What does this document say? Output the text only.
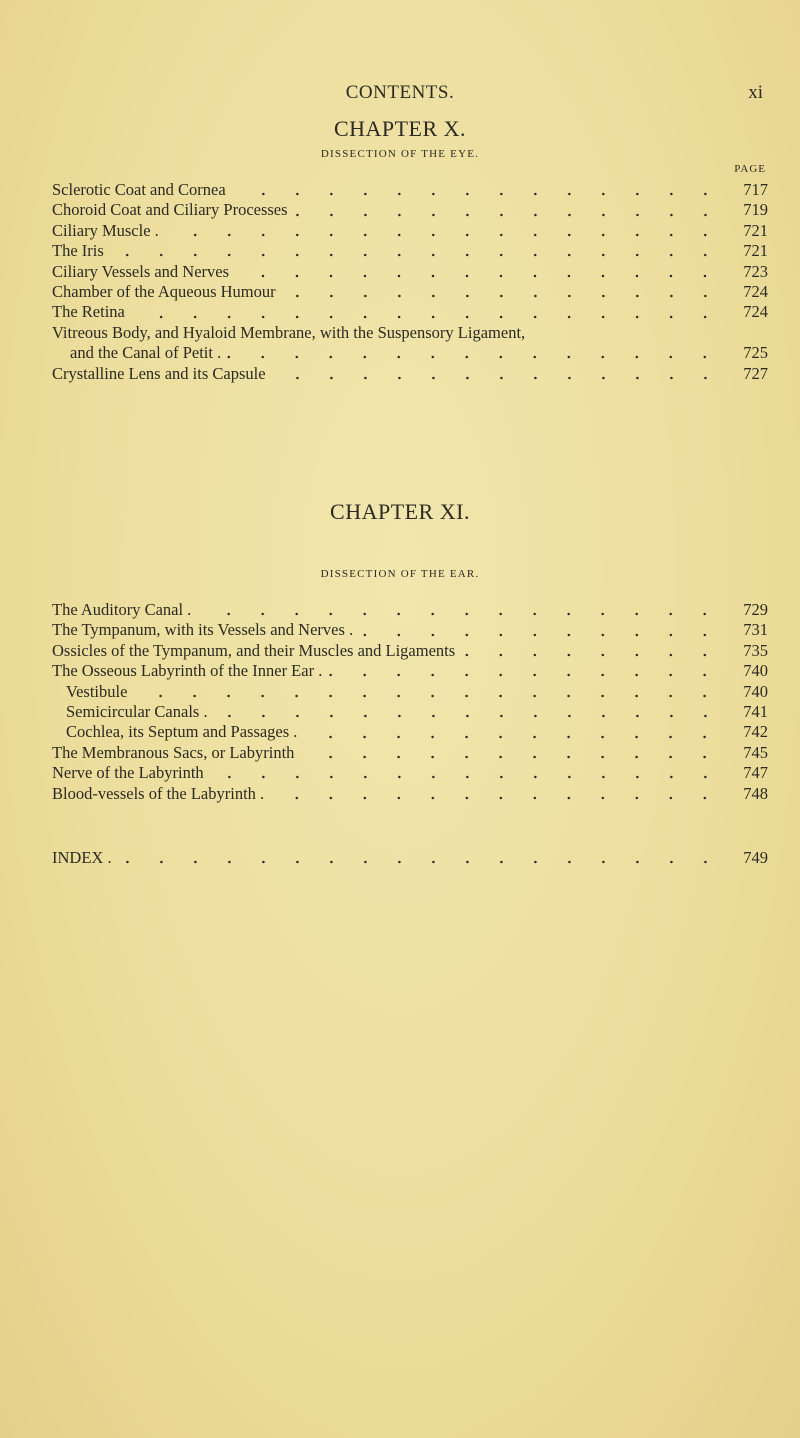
CONTENTS.	xi
CHAPTER X.
DISSECTION OF THE EYE.
PAGE
Sclerotic Coat and Cornea	717
Choroid Coat and Ciliary Processes	719
Ciliary Muscle .	721
The Iris	721
Ciliary Vessels and Nerves	723
Chamber of the Aqueous Humour	724
The Retina	724
Vitreous Body, and Hyaloid Membrane, with the Suspensory Ligament,
and the Canal of Petit .	725
Crystalline Lens and its Capsule	727
CHAPTER XI.
DISSECTION OF THE EAR.
The Auditory Canal .	729
The Tympanum, with its Vessels and Nerves .	731
Ossicles of the Tympanum, and their Muscles and Ligaments	735
The Osseous Labyrinth of the Inner Ear .	740
Vestibule	740
Semicircular Canals .	741
Cochlea, its Septum and Passages .	742
The Membranous Sacs, or Labyrinth	745
Nerve of the Labyrinth	747
Blood-vessels of the Labyrinth .	748
INDEX .	749
